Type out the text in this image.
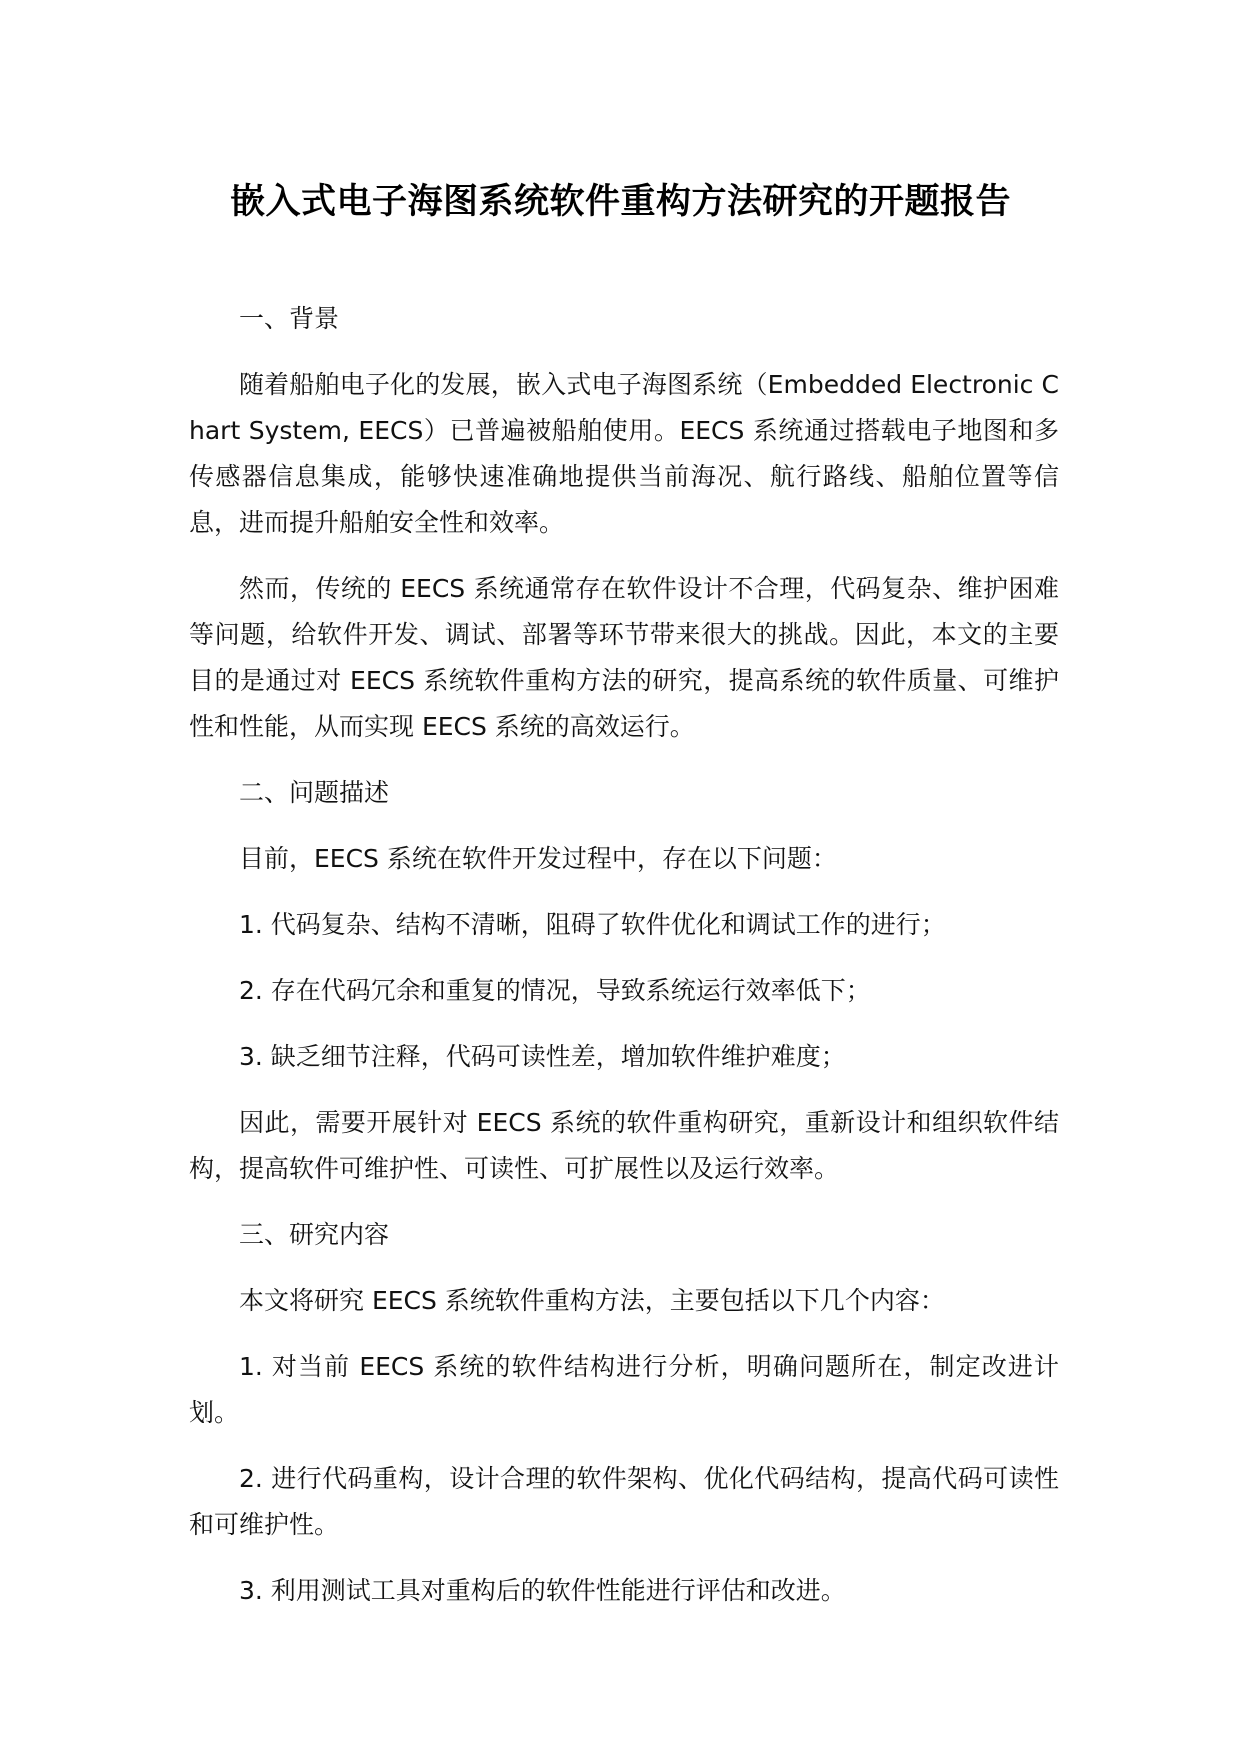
嵌入式电子海图系统软件重构方法研究的开题报告

一、背景

随着船舶电子化的发展，嵌入式电子海图系统（Embedded Electronic Chart System, EECS）已普遍被船舶使用。EECS 系统通过搭载电子地图和多传感器信息集成，能够快速准确地提供当前海况、航行路线、船舶位置等信息，进而提升船舶安全性和效率。

然而，传统的 EECS 系统通常存在软件设计不合理，代码复杂、维护困难等问题，给软件开发、调试、部署等环节带来很大的挑战。因此，本文的主要目的是通过对 EECS 系统软件重构方法的研究，提高系统的软件质量、可维护性和性能，从而实现 EECS 系统的高效运行。

二、问题描述

目前，EECS 系统在软件开发过程中，存在以下问题：

1. 代码复杂、结构不清晰，阻碍了软件优化和调试工作的进行；

2. 存在代码冗余和重复的情况，导致系统运行效率低下；

3. 缺乏细节注释，代码可读性差，增加软件维护难度；

因此，需要开展针对 EECS 系统的软件重构研究，重新设计和组织软件结构，提高软件可维护性、可读性、可扩展性以及运行效率。

三、研究内容

本文将研究 EECS 系统软件重构方法，主要包括以下几个内容：

1. 对当前 EECS 系统的软件结构进行分析，明确问题所在，制定改进计划。

2. 进行代码重构，设计合理的软件架构、优化代码结构，提高代码可读性和可维护性。

3. 利用测试工具对重构后的软件性能进行评估和改进。
